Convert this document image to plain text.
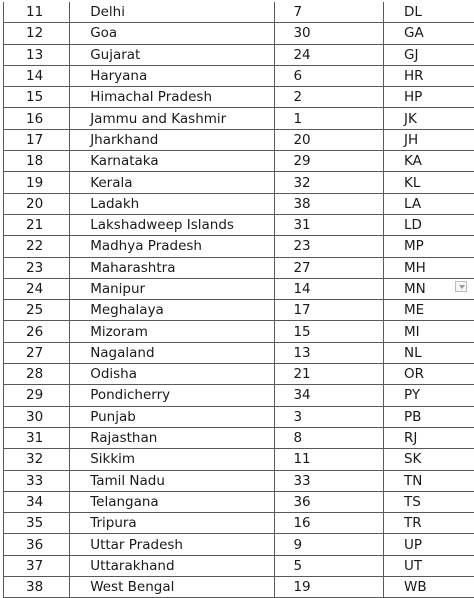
11	Delhi	7	DL
12	Goa	30	GA
13	Gujarat	24	GJ
14	Haryana	6	HR
15	Himachal Pradesh	2	HP
16	Jammu and Kashmir	1	JK
17	Jharkhand	20	JH
18	Karnataka	29	KA
19	Kerala	32	KL
20	Ladakh	38	LA
21	Lakshadweep Islands	31	LD
22	Madhya Pradesh	23	MP
23	Maharashtra	27	MH
24	Manipur	14	MN
25	Meghalaya	17	ME
26	Mizoram	15	MI
27	Nagaland	13	NL
28	Odisha	21	OR
29	Pondicherry	34	PY
30	Punjab	3	PB
31	Rajasthan	8	RJ
32	Sikkim	11	SK
33	Tamil Nadu	33	TN
34	Telangana	36	TS
35	Tripura	16	TR
36	Uttar Pradesh	9	UP
37	Uttarakhand	5	UT
38	West Bengal	19	WB
